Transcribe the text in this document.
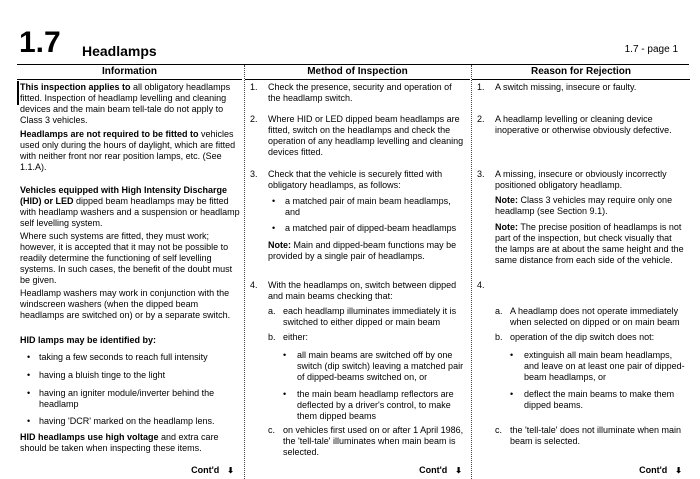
1.7 Headlamps	1.7 - page 1
Information
This inspection applies to all obligatory headlamps fitted. Inspection of headlamp levelling and cleaning devices and the main beam tell-tale do not apply to Class 3 vehicles.
Headlamps are not required to be fitted to vehicles used only during the hours of daylight, which are fitted with neither front nor rear position lamps, etc. (See 1.1.A).
Vehicles equipped with High Intensity Discharge (HID) or LED dipped beam headlamps may be fitted with headlamp washers and a suspension or headlamp self levelling system.
Where such systems are fitted, they must work; however, it is accepted that it may not be possible to readily determine the functioning of self levelling systems. In such cases, the benefit of the doubt must be given.
Headlamp washers may work in conjunction with the windscreen washers (when the dipped beam headlamps are switched on) or by a separate switch.
HID lamps may be identified by:
• taking a few seconds to reach full intensity
• having a bluish tinge to the light
• having an igniter module/inverter behind the headlamp
• having 'DCR' marked on the headlamp lens.
HID headlamps use high voltage and extra care should be taken when inspecting these items.
Cont'd ⬇
Method of Inspection
1. Check the presence, security and operation of the headlamp switch.
2. Where HID or LED dipped beam headlamps are fitted, switch on the headlamps and check the operation of any headlamp levelling and cleaning devices fitted.
3. Check that the vehicle is securely fitted with obligatory headlamps, as follows:
• a matched pair of main beam headlamps, and
• a matched pair of dipped-beam headlamps
Note: Main and dipped-beam functions may be provided by a single pair of headlamps.
4. With the headlamps on, switch between dipped and main beams checking that:
a. each headlamp illuminates immediately it is switched to either dipped or main beam
b. either:
• all main beams are switched off by one switch (dip switch) leaving a matched pair of dipped-beams switched on, or
• the main beam headlamp reflectors are deflected by a driver's control, to make them dipped beams
c. on vehicles first used on or after 1 April 1986, the 'tell-tale' illuminates when main beam is selected.
Cont'd ⬇
Reason for Rejection
1. A switch missing, insecure or faulty.
2. A headlamp levelling or cleaning device inoperative or otherwise obviously defective.
3. A missing, insecure or obviously incorrectly positioned obligatory headlamp.
Note: Class 3 vehicles may require only one headlamp (see Section 9.1).
Note: The precise position of headlamps is not part of the inspection, but check visually that the lamps are at about the same height and the same distance from each side of the vehicle.
4.
a. A headlamp does not operate immediately when selected on dipped or on main beam
b. operation of the dip switch does not:
• extinguish all main beam headlamps, and leave on at least one pair of dipped-beam headlamps, or
• deflect the main beams to make them dipped beams.
c. the 'tell-tale' does not illuminate when main beam is selected.
Cont'd ⬇
